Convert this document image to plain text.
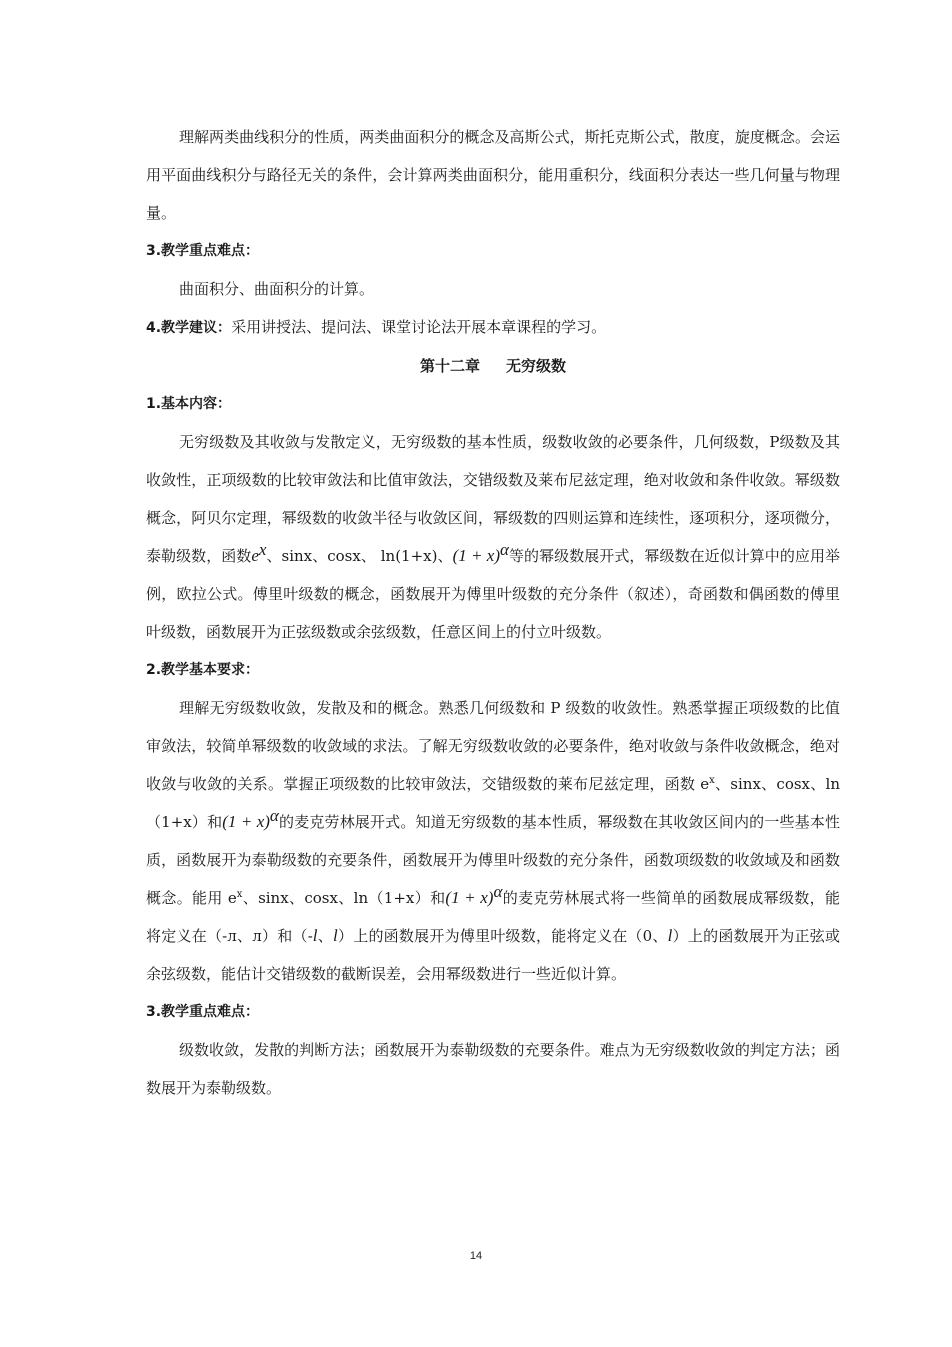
理解两类曲线积分的性质，两类曲面积分的概念及高斯公式，斯托克斯公式，散度，旋度概念。会运用平面曲线积分与路径无关的条件，会计算两类曲面积分，能用重积分，线面积分表达一些几何量与物理量。

3.教学重点难点：

曲面积分、曲面积分的计算。

4.教学建议：采用讲授法、提问法、课堂讨论法开展本章课程的学习。

第十二章 无穷级数

1.基本内容：

无穷级数及其收敛与发散定义，无穷级数的基本性质，级数收敛的必要条件，几何级数，P级数及其收敛性，正项级数的比较审敛法和比值审敛法，交错级数及莱布尼兹定理，绝对收敛和条件收敛。幂级数概念，阿贝尔定理，幂级数的收敛半径与收敛区间，幂级数的四则运算和连续性，逐项积分，逐项微分，泰勒级数，函数$e^x$、sinx、cosx、 ln(1+x)、$(1 + x)^\alpha$等的幂级数展开式，幂级数在近似计算中的应用举例，欧拉公式。傅里叶级数的概念，函数展开为傅里叶级数的充分条件（叙述），奇函数和偶函数的傅里叶级数，函数展开为正弦级数或余弦级数，任意区间上的付立叶级数。

2.教学基本要求：

理解无穷级数收敛，发散及和的概念。熟悉几何级数和 P 级数的收敛性。熟悉掌握正项级数的比值审敛法，较简单幂级数的收敛域的求法。了解无穷级数收敛的必要条件，绝对收敛与条件收敛概念，绝对收敛与收敛的关系。掌握正项级数的比较审敛法，交错级数的莱布尼兹定理，函数 $e^x$、sinx、cosx、ln（1+x）和$(1 + x)^\alpha$的麦克劳林展开式。知道无穷级数的基本性质，幂级数在其收敛区间内的一些基本性质，函数展开为泰勒级数的充要条件，函数展开为傅里叶级数的充分条件，函数项级数的收敛域及和函数概念。能用 $e^x$、sinx、cosx、ln（1+x）和$(1 + x)^\alpha$的麦克劳林展式将一些简单的函数展成幂级数，能将定义在（-л、л）和（-l、l）上的函数展开为傅里叶级数，能将定义在（0、l）上的函数展开为正弦或余弦级数，能估计交错级数的截断误差，会用幂级数进行一些近似计算。

3.教学重点难点：

级数收敛，发散的判断方法；函数展开为泰勒级数的充要条件。难点为无穷级数收敛的判定方法；函数展开为泰勒级数。

14
